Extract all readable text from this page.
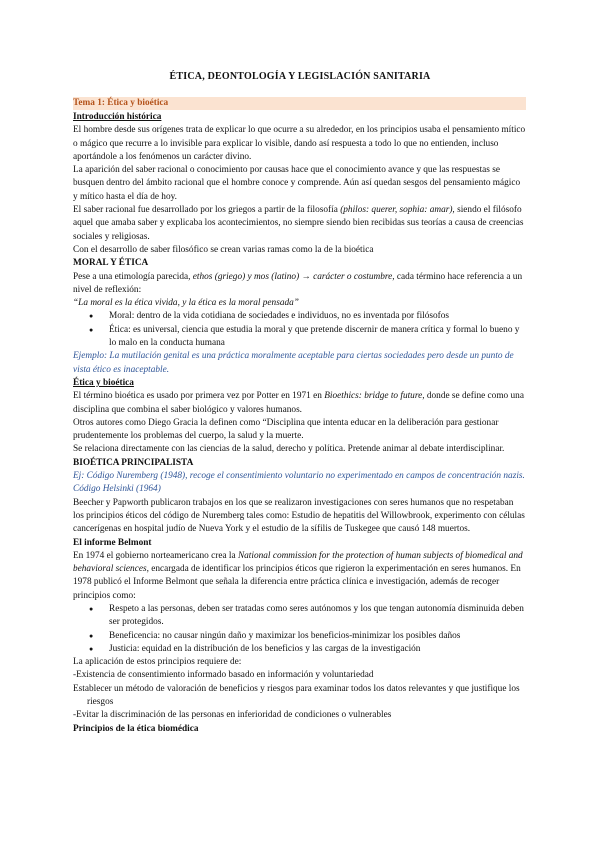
ÉTICA, DEONTOLOGÍA Y LEGISLACIÓN SANITARIA
Tema 1: Ética y bioética

Introducción histórica

El hombre desde sus orígenes trata de explicar lo que ocurre a su alrededor, en los principios usaba el pensamiento mítico o mágico que recurre a lo invisible para explicar lo visible, dando así respuesta a todo lo que no entienden, incluso aportándole a los fenómenos un carácter divino.

La aparición del saber racional o conocimiento por causas hace que el conocimiento avance y que las respuestas se busquen dentro del ámbito racional que el hombre conoce y comprende. Aún así quedan sesgos del pensamiento mágico y mítico hasta el día de hoy.

El saber racional fue desarrollado por los griegos a partir de la filosofía (philos: querer, sophia: amar), siendo el filósofo aquel que amaba saber y explicaba los acontecimientos, no siempre siendo bien recibidas sus teorías a causa de creencias sociales y religiosas.

Con el desarrollo de saber filosófico se crean varias ramas como la de la bioética

MORAL Y ÉTICA

Pese a una etimología parecida, ethos (griego) y mos (latino) → carácter o costumbre, cada término hace referencia a un nivel de reflexión:

“La moral es la ética vivida, y la ética es la moral pensada”

● Moral: dentro de la vida cotidiana de sociedades e individuos, no es inventada por filósofos
● Ética: es universal, ciencia que estudia la moral y que pretende discernir de manera crítica y formal lo bueno y lo malo en la conducta humana

Ejemplo: La mutilación genital es una práctica moralmente aceptable para ciertas sociedades pero desde un punto de vista ético es inaceptable.

Ética y bioética

El término bioética es usado por primera vez por Potter en 1971 en Bioethics: bridge to future, donde se define como una disciplina que combina el saber biológico y valores humanos.

Otros autores como Diego Gracia la definen como “Disciplina que intenta educar en la deliberación para gestionar prudentemente los problemas del cuerpo, la salud y la muerte.

Se relaciona directamente con las ciencias de la salud, derecho y política. Pretende animar al debate interdisciplinar.

BIOÉTICA PRINCIPALISTA

Ej: Código Nuremberg (1948), recoge el consentimiento voluntario no experimentado en campos de concentración nazis. Código Helsinki (1964)

Beecher y Papworth publicaron trabajos en los que se realizaron investigaciones con seres humanos que no respetaban los principios éticos del código de Nuremberg tales como: Estudio de hepatitis del Willowbrook, experimento con células cancerígenas en hospital judío de Nueva York y el estudio de la sífilis de Tuskegee que causó 148 muertos.

El informe Belmont

En 1974 el gobierno norteamericano crea la National commission for the protection of human subjects of biomedical and behavioral sciences, encargada de identificar los principios éticos que rigieron la experimentación en seres humanos. En 1978 publicó el Informe Belmont que señala la diferencia entre práctica clínica e investigación, además de recoger principios como:

● Respeto a las personas, deben ser tratadas como seres autónomos y los que tengan autonomía disminuida deben ser protegidos.
● Beneficencia: no causar ningún daño y maximizar los beneficios-minimizar los posibles daños
● Justicia: equidad en la distribución de los beneficios y las cargas de la investigación

La aplicación de estos principios requiere de:

-Existencia de consentimiento informado basado en información y voluntariedad

Establecer un método de valoración de beneficios y riesgos para examinar todos los datos relevantes y que justifique los riesgos

-Evitar la discriminación de las personas en inferioridad de condiciones o vulnerables

Principios de la ética biomédica
